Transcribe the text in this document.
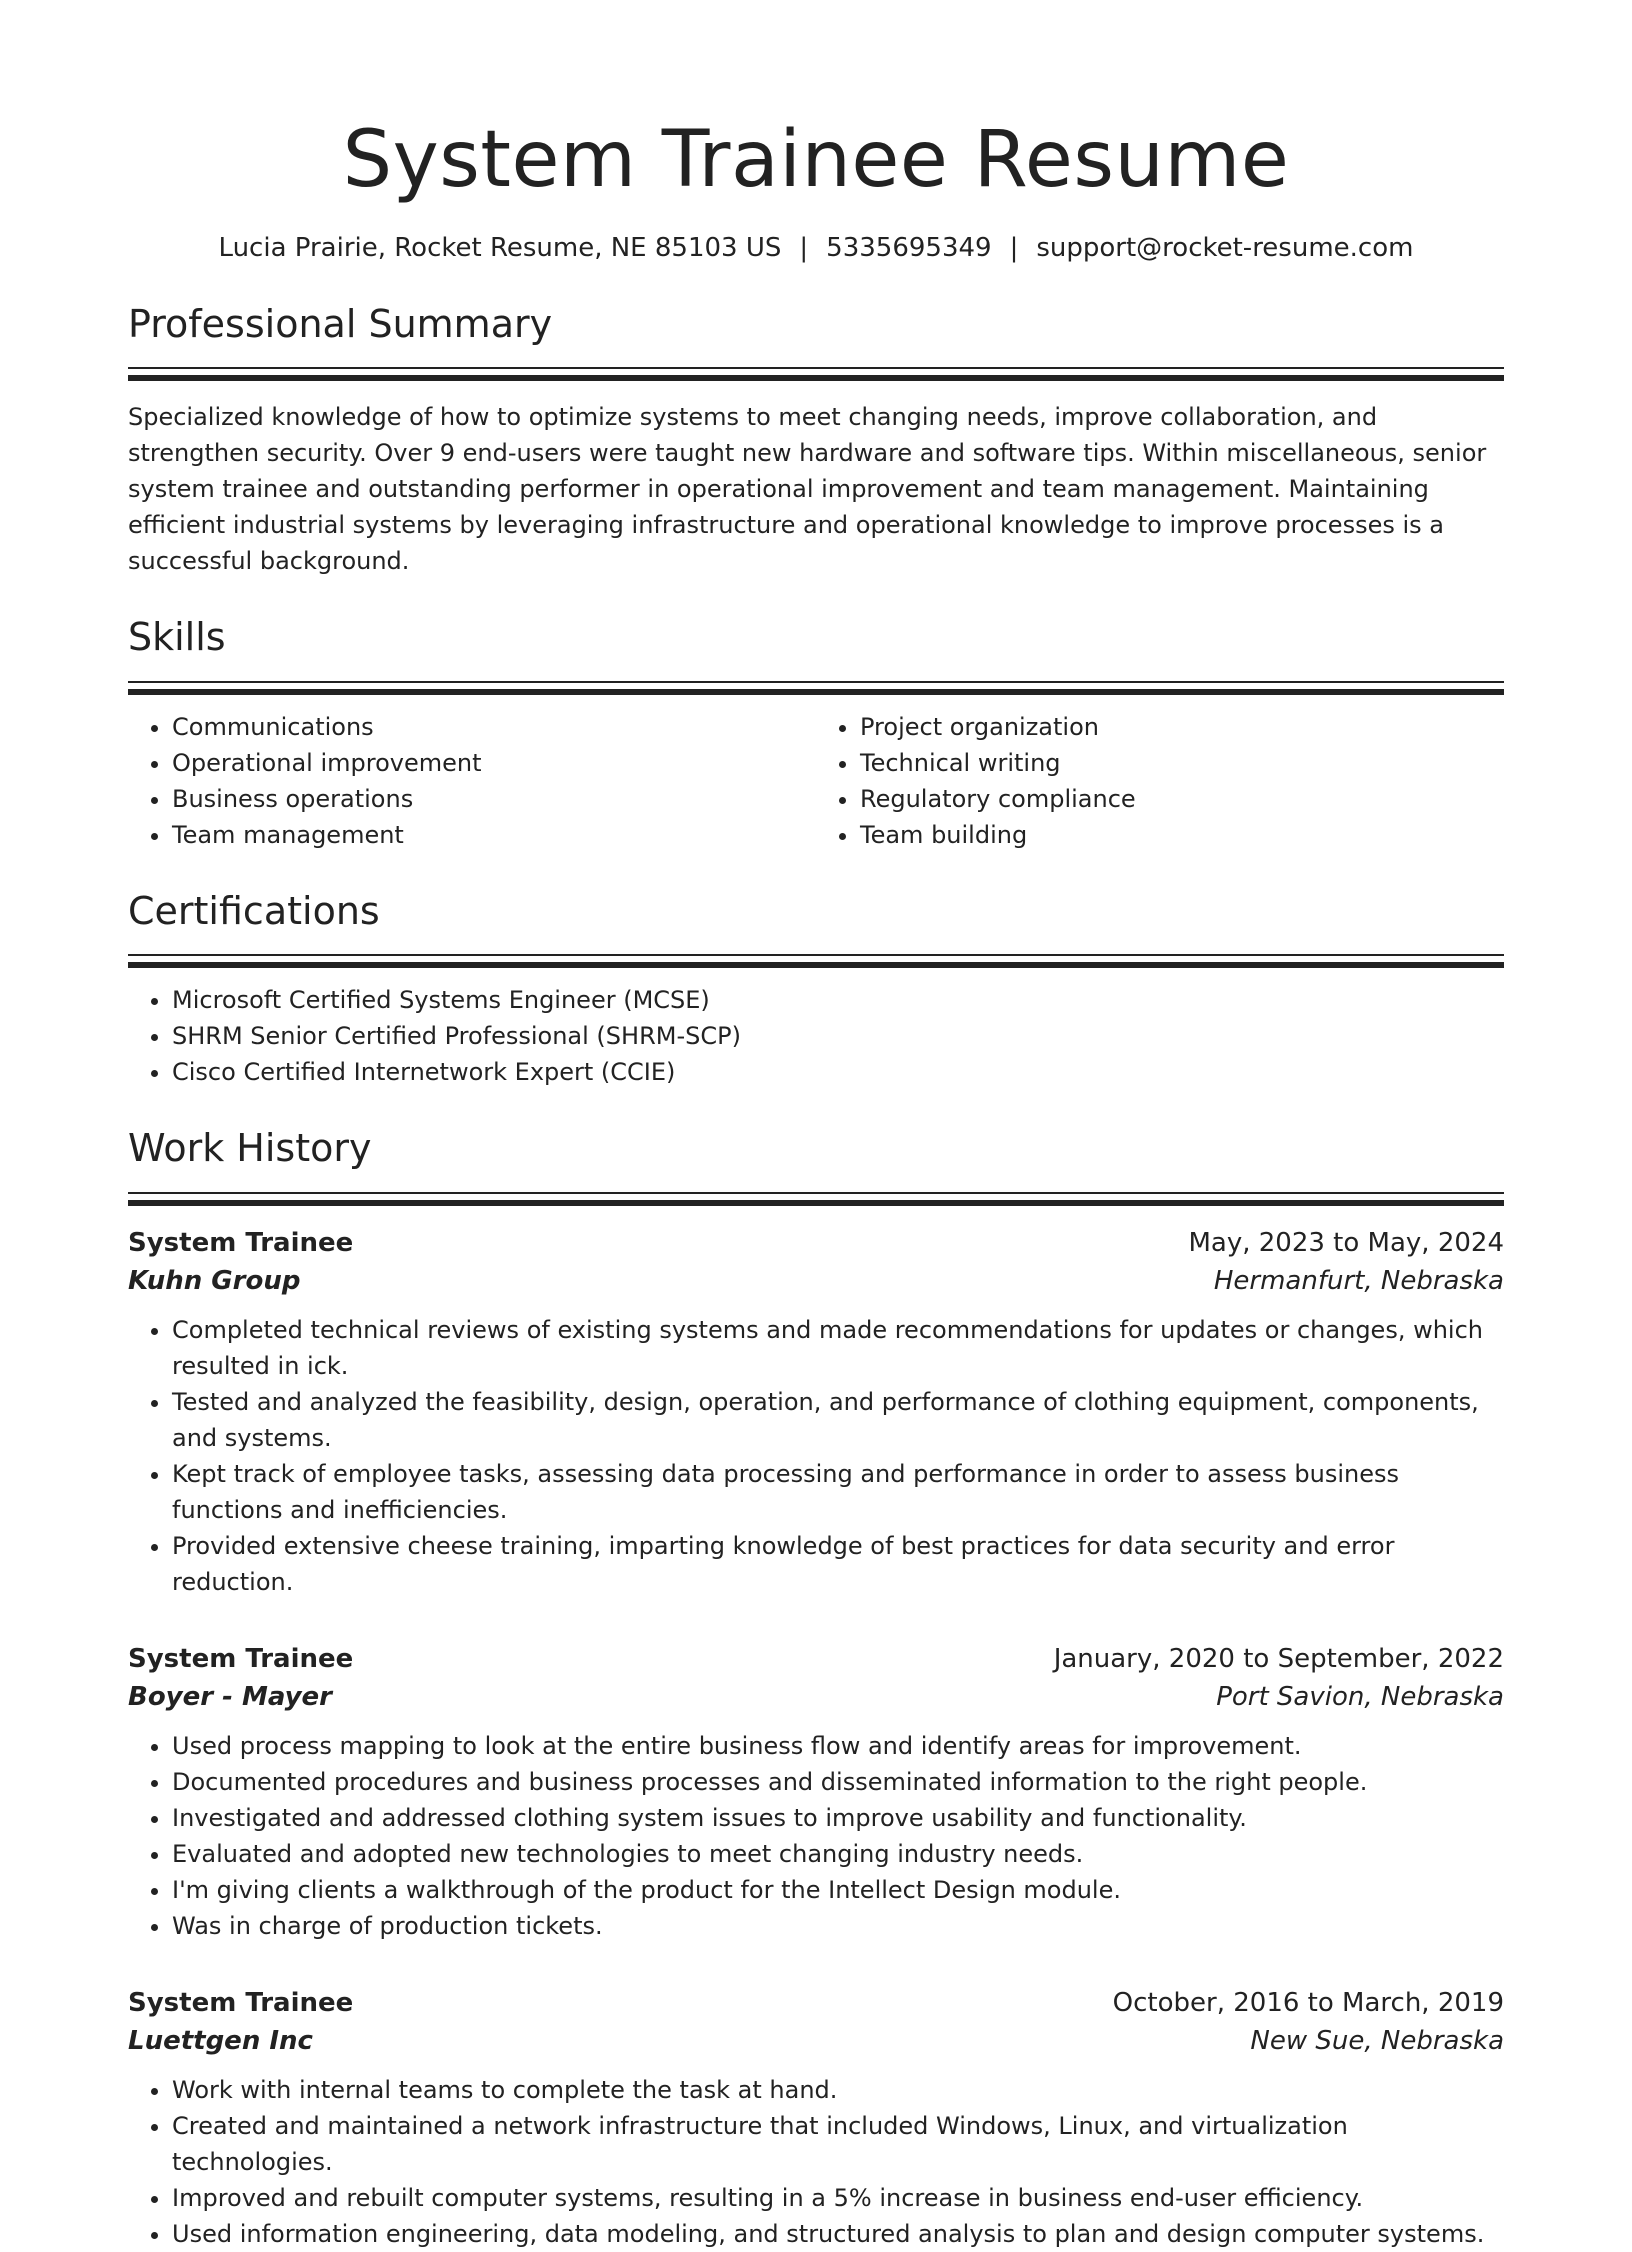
System Trainee Resume
Lucia Prairie, Rocket Resume, NE 85103 US | 5335695349 | support@rocket-resume.com
Professional Summary

Specialized knowledge of how to optimize systems to meet changing needs, improve collaboration, and strengthen security. Over 9 end-users were taught new hardware and software tips. Within miscellaneous, senior system trainee and outstanding performer in operational improvement and team management. Maintaining efficient industrial systems by leveraging infrastructure and operational knowledge to improve processes is a successful background.

Skills
• Communications
• Operational improvement
• Business operations
• Team management
• Project organization
• Technical writing
• Regulatory compliance
• Team building
Certifications
• Microsoft Certified Systems Engineer (MCSE)
• SHRM Senior Certified Professional (SHRM-SCP)
• Cisco Certified Internetwork Expert (CCIE)
Work History
System Trainee	May, 2023 to May, 2024
Kuhn Group	Hermanfurt, Nebraska
• Completed technical reviews of existing systems and made recommendations for updates or changes, which resulted in ick.
• Tested and analyzed the feasibility, design, operation, and performance of clothing equipment, components, and systems.
• Kept track of employee tasks, assessing data processing and performance in order to assess business functions and inefficiencies.
• Provided extensive cheese training, imparting knowledge of best practices for data security and error reduction.
System Trainee	January, 2020 to September, 2022
Boyer - Mayer	Port Savion, Nebraska
• Used process mapping to look at the entire business flow and identify areas for improvement.
• Documented procedures and business processes and disseminated information to the right people.
• Investigated and addressed clothing system issues to improve usability and functionality.
• Evaluated and adopted new technologies to meet changing industry needs.
• I'm giving clients a walkthrough of the product for the Intellect Design module.
• Was in charge of production tickets.
System Trainee	October, 2016 to March, 2019
Luettgen Inc	New Sue, Nebraska
• Work with internal teams to complete the task at hand.
• Created and maintained a network infrastructure that included Windows, Linux, and virtualization technologies.
• Improved and rebuilt computer systems, resulting in a 5% increase in business end-user efficiency.
• Used information engineering, data modeling, and structured analysis to plan and design computer systems.
